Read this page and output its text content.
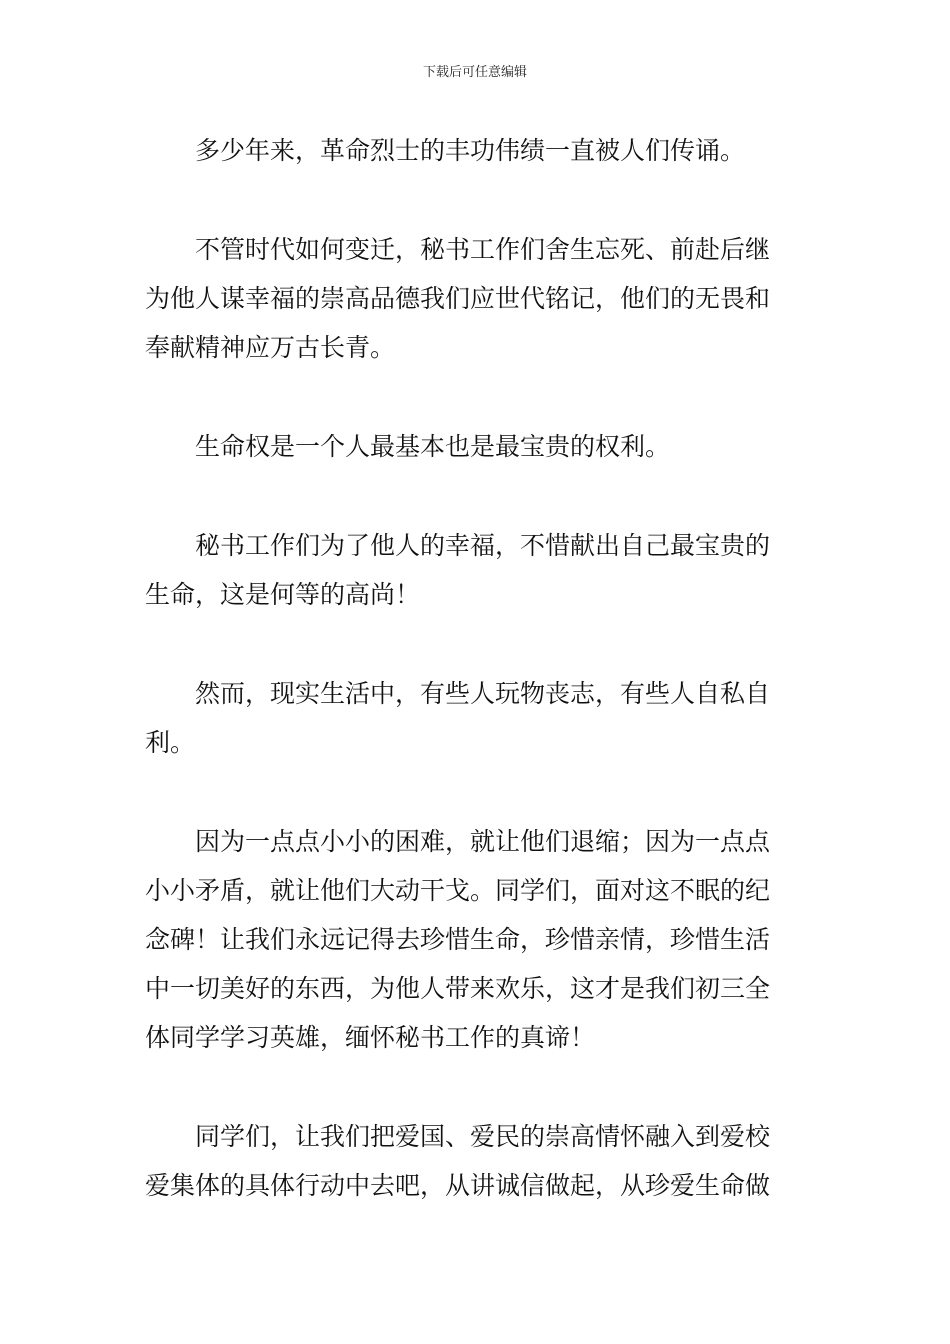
下载后可任意编辑
多少年来，革命烈士的丰功伟绩一直被人们传诵。
不管时代如何变迁，秘书工作们舍生忘死、前赴后继
为他人谋幸福的崇高品德我们应世代铭记，他们的无畏和
奉献精神应万古长青。
生命权是一个人最基本也是最宝贵的权利。
秘书工作们为了他人的幸福，不惜献出自己最宝贵的
生命，这是何等的高尚！
然而，现实生活中，有些人玩物丧志，有些人自私自
利。
因为一点点小小的困难，就让他们退缩；因为一点点
小小矛盾，就让他们大动干戈。同学们，面对这不眠的纪
念碑！让我们永远记得去珍惜生命，珍惜亲情，珍惜生活
中一切美好的东西，为他人带来欢乐，这才是我们初三全
体同学学习英雄，缅怀秘书工作的真谛！
同学们，让我们把爱国、爱民的崇高情怀融入到爱校
爱集体的具体行动中去吧，从讲诚信做起，从珍爱生命做
